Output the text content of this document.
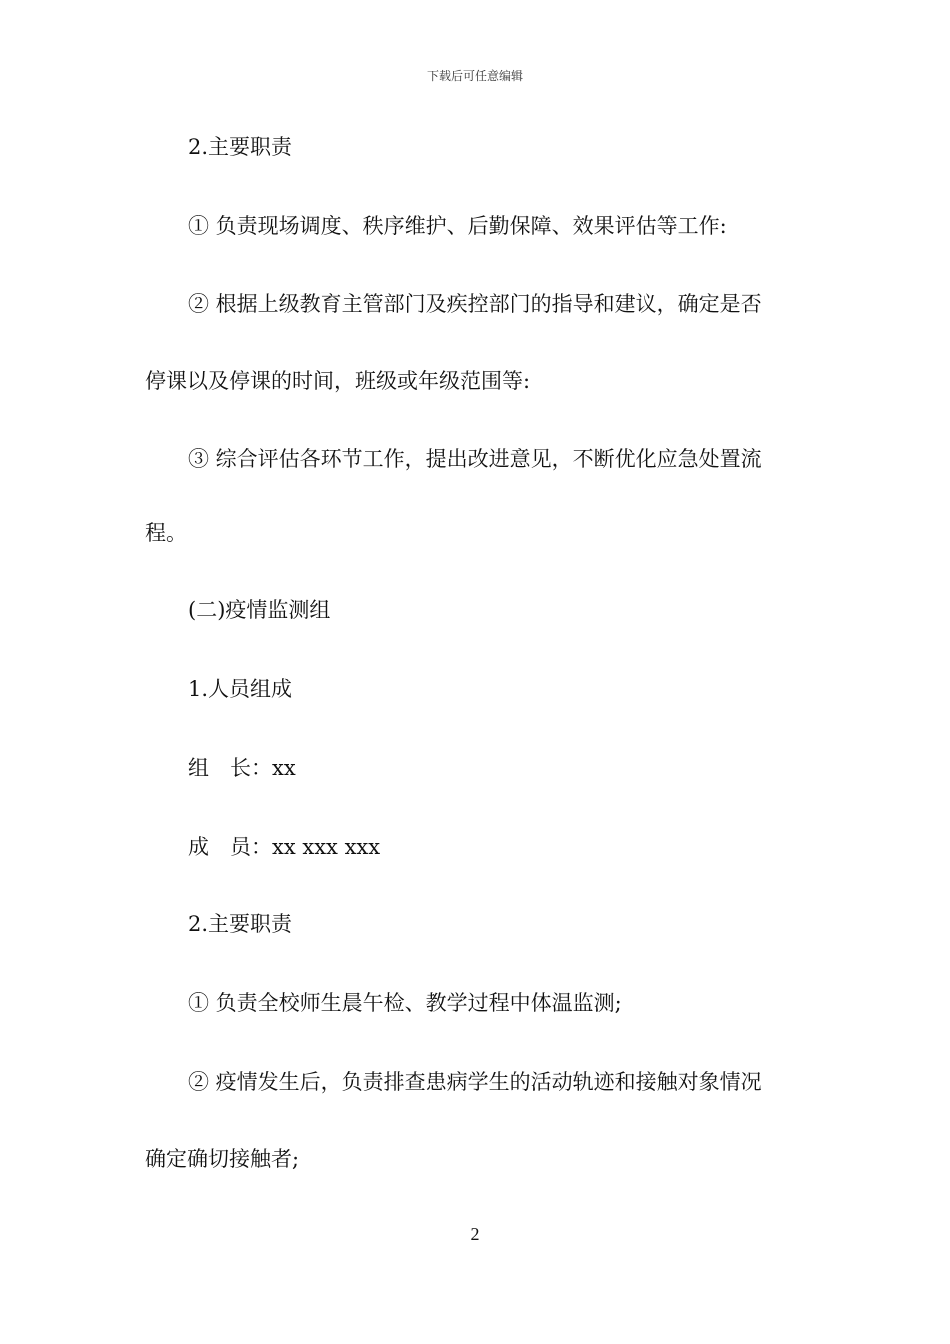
下载后可任意编辑
2.主要职责
① 负责现场调度、秩序维护、后勤保障、效果评估等工作:
② 根据上级教育主管部门及疾控部门的指导和建议，确定是否
停课以及停课的时间，班级或年级范围等:
③ 综合评估各环节工作，提出改进意见，不断优化应急处置流
程。
(二)疫情监测组
1.人员组成
组　长：xx
成　员：xx xxx xxx
2.主要职责
① 负责全校师生晨午检、教学过程中体温监测;
② 疫情发生后，负责排查患病学生的活动轨迹和接触对象情况
确定确切接触者;
2
